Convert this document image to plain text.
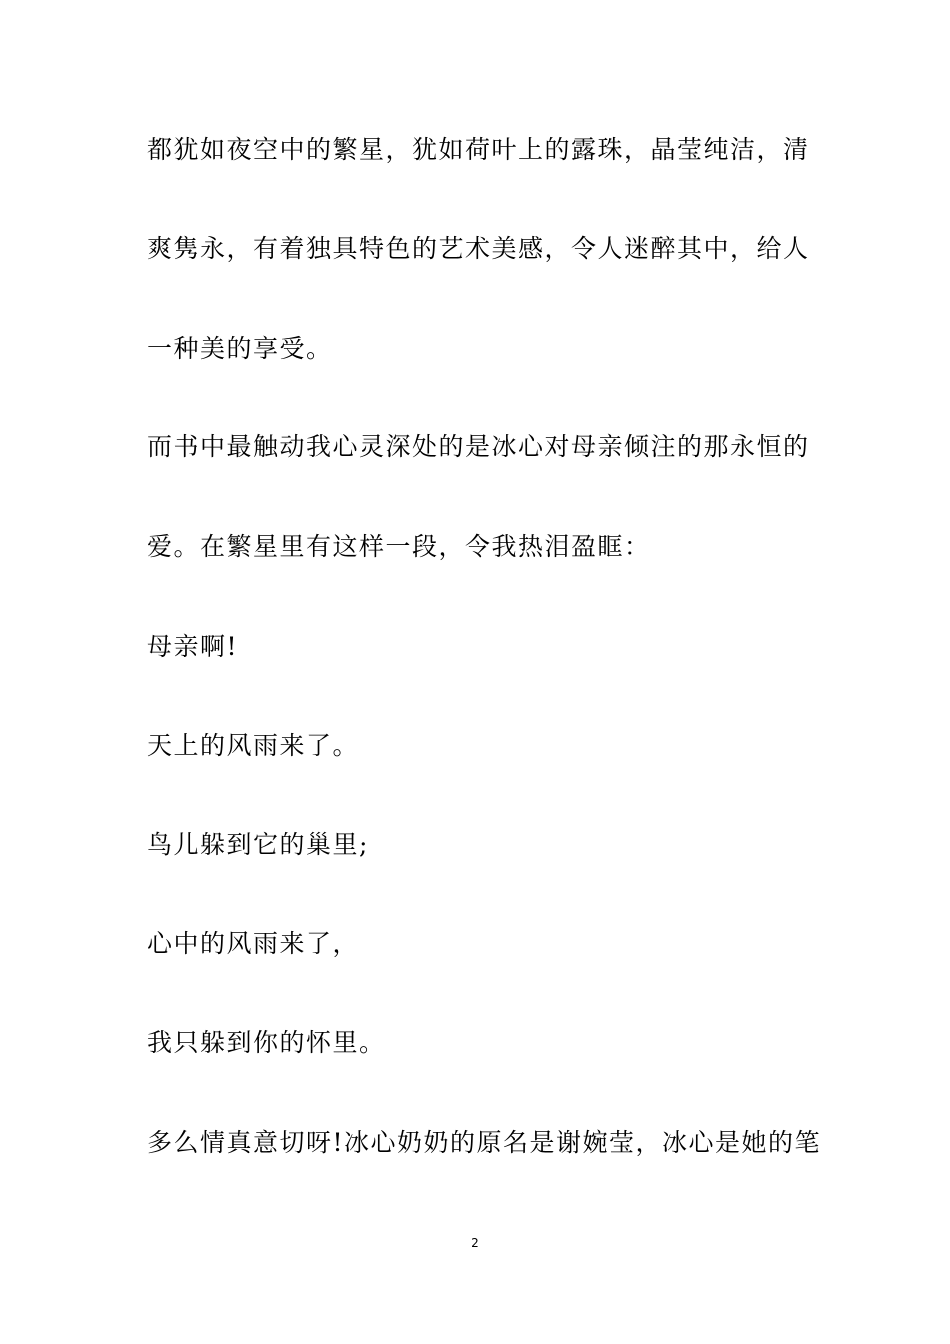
都犹如夜空中的繁星，犹如荷叶上的露珠，晶莹纯洁，清
爽隽永，有着独具特色的艺术美感，令人迷醉其中，给人
一种美的享受。
而书中最触动我心灵深处的是冰心对母亲倾注的那永恒的
爱。在繁星里有这样一段，令我热泪盈眶：
母亲啊!
天上的风雨来了。
鸟儿躲到它的巢里;
心中的风雨来了，
我只躲到你的怀里。
多么情真意切呀!冰心奶奶的原名是谢婉莹，冰心是她的笔
2
